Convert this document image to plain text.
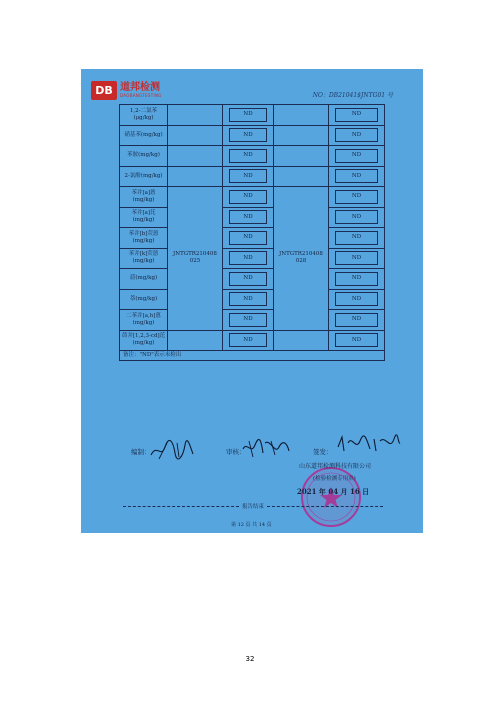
DB 道邦检测
DAOBANGTESTING	NO：DB21041$JNTG01 号
1,2-二氯苯 (μg/kg)		ND		ND

硝基苯(mg/kg)		ND		ND

苯胺(mg/kg)		ND		ND

2-氯酚(mg/kg)		ND		ND

苯并[a]蒽 (mg/kg)	JNTGTR210408 025	ND	JNTGTR210408 028	ND

苯并[a]芘 (mg/kg)		ND		ND

苯并[b]荧蒽 (mg/kg)		ND		ND

苯并[k]荧蒽 (mg/kg)		ND		ND

䓛(mg/kg)		ND		ND

萘(mg/kg)		ND		ND

二苯并[a,h]蒽 (mg/kg)		ND		ND

茚并[1,2,3-cd]芘 (mg/kg)		ND		ND

备注："ND"表示未检出				
编制：	审核：	签发：
山东道邦检测科技有限公司
(检验检测专用章)
2021 年 04 月 16 日
报告结束
第 12 页 共 14 页
32
